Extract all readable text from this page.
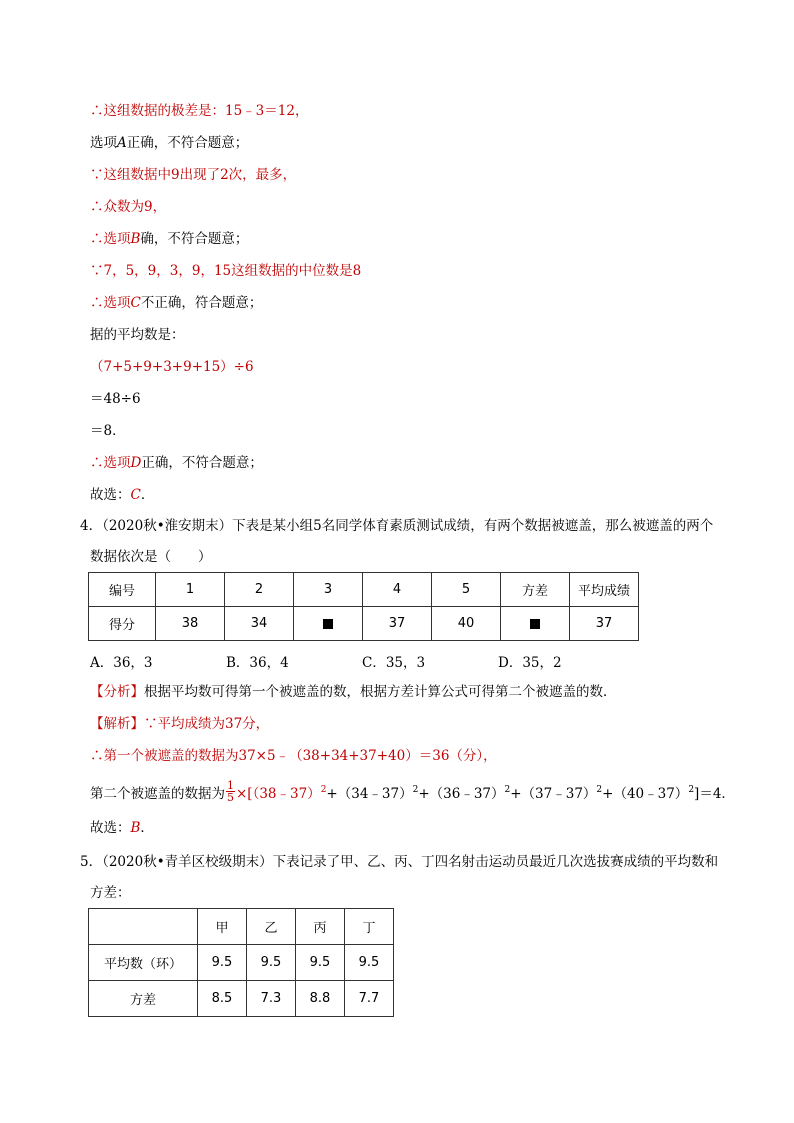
∴这组数据的极差是：15﹣3＝12，
选项A正确，不符合题意；
∵这组数据中9出现了2次，最多，
∴众数为9，
∴选项B确，不符合题意；
∵7，5，9，3，9，15这组数据的中位数是8
∴选项C不正确，符合题意；
据的平均数是：
（7+5+9+3+9+15）÷6
＝48÷6
＝8．
∴选项D正确，不符合题意；
故选：C．
4．（2020秋•淮安期末）下表是某小组5名同学体育素质测试成绩，有两个数据被遮盖，那么被遮盖的两个
数据依次是（　　）
编号	1	2	3	4	5	方差	平均成绩
得分	38	34		37	40		37
A．36，3	B．36，4	C．35，3	D．35，2
【分析】根据平均数可得第一个被遮盖的数，根据方差计算公式可得第二个被遮盖的数．
【解析】∵平均成绩为37分，
∴第一个被遮盖的数据为37×5﹣（38+34+37+40）＝36（分），
第二个被遮盖的数据为 $\frac{1}{5}$ ×[（38﹣37）$^2$+（34﹣37）$^2$+（36﹣37）$^2$+（37﹣37）$^2$+（40﹣37）$^2$]＝4．
故选：B．
5．（2020秋•青羊区校级期末）下表记录了甲、乙、丙、丁四名射击运动员最近几次选拔赛成绩的平均数和
方差：
	甲	乙	丙	丁
平均数（环）	9.5	9.5	9.5	9.5
方差	8.5	7.3	8.8	7.7
